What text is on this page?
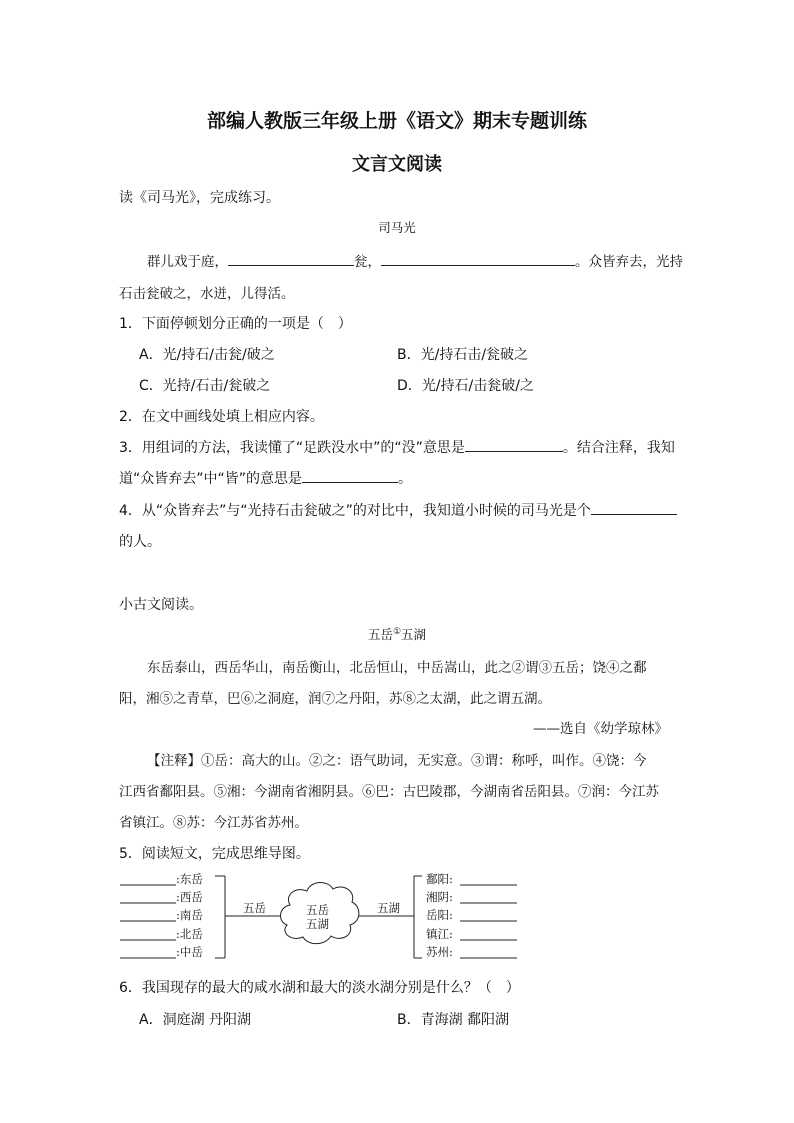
部编人教版三年级上册《语文》期末专题训练
文言文阅读
读《司马光》，完成练习。
司马光
群儿戏于庭，	瓮，	。众皆弃去，光持
石击瓮破之，水迸，儿得活。
1．下面停顿划分正确的一项是（　）
A．光/持石/击瓮/破之	B．光/持石击/瓮破之
C．光持/石击/瓮破之	D．光/持石/击瓮破/之
2．在文中画线处填上相应内容。
3．用组词的方法，我读懂了“足跌没水中”的“没”意思是	。结合注释，我知
道“众皆弃去”中“皆”的意思是	。
4．从“众皆弃去”与“光持石击瓮破之”的对比中，我知道小时候的司马光是个
的人。
小古文阅读。
五岳①五湖
东岳泰山，西岳华山，南岳衡山，北岳恒山，中岳嵩山，此之②谓③五岳；饶④之鄱
阳，湘⑤之青草，巴⑥之洞庭，润⑦之丹阳，苏⑧之太湖，此之谓五湖。
——选自《幼学琼林》
【注释】①岳：高大的山。②之：语气助词，无实意。③谓：称呼，叫作。④饶：今
江西省鄱阳县。⑤湘：今湖南省湘阴县。⑥巴：古巴陵郡，今湖南省岳阳县。⑦润：今江苏
省镇江。⑧苏：今江苏省苏州。
5．阅读短文，完成思维导图。
:东岳
:西岳
:南岳
:北岳
:中岳
五岳	五岳
五湖
五湖
鄱阳:
湘阴:
岳阳:
镇江:
苏州:
6．我国现存的最大的咸水湖和最大的淡水湖分别是什么？（　）
A．洞庭湖 丹阳湖	B．青海湖 鄱阳湖
